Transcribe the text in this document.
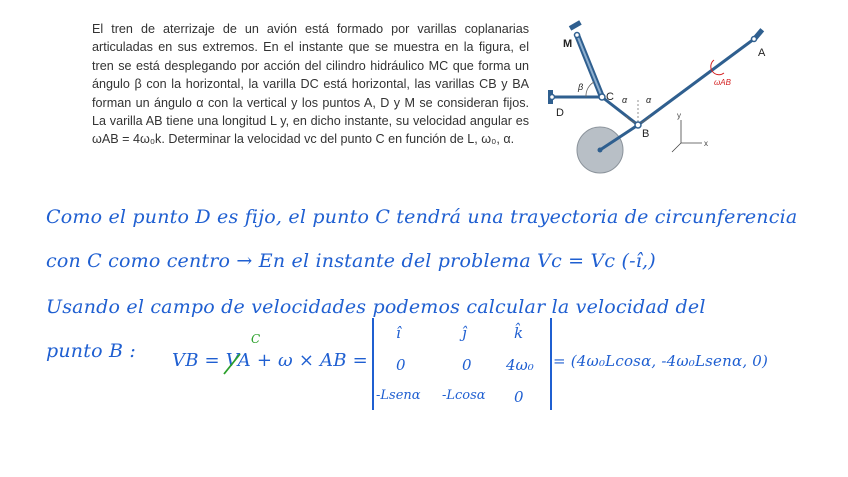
El tren de aterrizaje de un avión está formado por varillas coplanarias articuladas en sus extremos. En el instante que se muestra en la figura, el tren se está desplegando por acción del cilindro hidráulico MC que forma un ángulo β con la horizontal, la varilla DC está horizontal, las varillas CB y BA forman un ángulo α con la vertical y los puntos A, D y M se consideran fijos. La varilla AB tiene una longitud L y, en dicho instante, su velocidad angular es ωAB = 4ω₀k. Determinar la velocidad vc del punto C en función de L, ω₀, α.

M
A
C
D
B
β
α α
ωAB
y
x
Como el punto D es fijo, el punto C tendrá una trayectoria de circunferencia
con C como centro → En el instante del problema Vc = Vc (-î,)
Usando el campo de velocidades podemos calcular la velocidad del
punto B : VB = VA + ω × AB =
C	î	ĵ	k̂
0	0 4ω₀
-Lsenα -Lcosα 0
= (4ω₀Lcosα, -4ω₀Lsenα, 0)
